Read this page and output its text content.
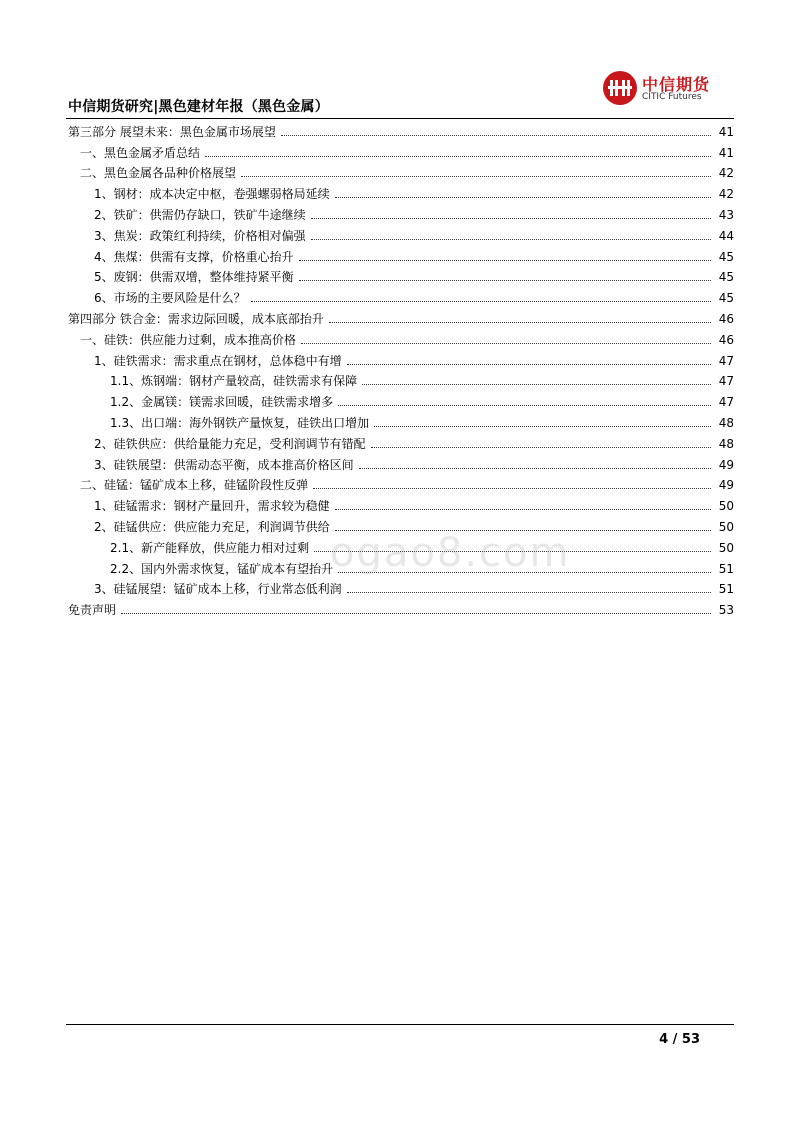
中信期货研究|黑色建材年报（黑色金属）
中信期货
CITIC Futures
第三部分 展望未来：黑色金属市场展望	41
一、黑色金属矛盾总结	41
二、黑色金属各品种价格展望	42
1、钢材：成本决定中枢，卷强螺弱格局延续	42
2、铁矿：供需仍存缺口，铁矿牛途继续	43
3、焦炭：政策红利持续，价格相对偏强	44
4、焦煤：供需有支撑，价格重心抬升	45
5、废钢：供需双增，整体维持紧平衡	45
6、市场的主要风险是什么？	45
第四部分 铁合金：需求边际回暖，成本底部抬升	46
一、硅铁：供应能力过剩，成本推高价格	46
1、硅铁需求：需求重点在钢材，总体稳中有增	47
1.1、炼钢端：钢材产量较高，硅铁需求有保障	47
1.2、金属镁：镁需求回暖，硅铁需求增多	47
1.3、出口端：海外钢铁产量恢复，硅铁出口增加	48
2、硅铁供应：供给量能力充足，受利润调节有错配	48
3、硅铁展望：供需动态平衡，成本推高价格区间	49
二、硅锰：锰矿成本上移，硅锰阶段性反弹	49
1、硅锰需求：钢材产量回升，需求较为稳健	50
2、硅锰供应：供应能力充足，利润调节供给	50
2.1、新产能释放，供应能力相对过剩	50
2.2、国内外需求恢复，锰矿成本有望抬升	51
3、硅锰展望：锰矿成本上移，行业常态低利润	51
免责声明	53
ogao8.com
4 / 53
